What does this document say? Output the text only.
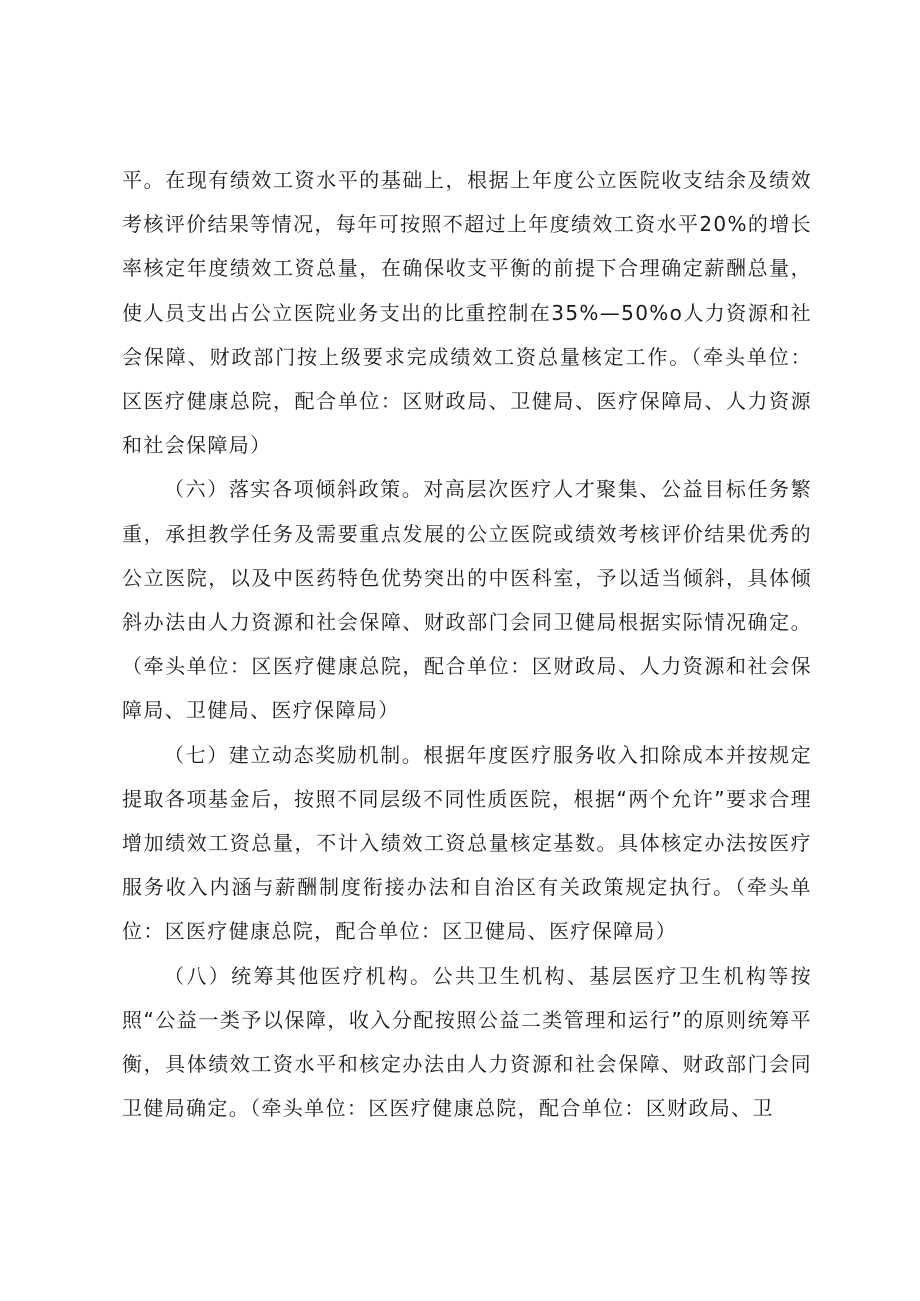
平。在现有绩效工资水平的基础上，根据上年度公立医院收支结余及绩效考核评价结果等情况，每年可按照不超过上年度绩效工资水平20%的增长率核定年度绩效工资总量，在确保收支平衡的前提下合理确定薪酬总量，使人员支出占公立医院业务支出的比重控制在35%—50%o人力资源和社会保障、财政部门按上级要求完成绩效工资总量核定工作。（牵头单位：区医疗健康总院，配合单位：区财政局、卫健局、医疗保障局、人力资源和社会保障局）

（六）落实各项倾斜政策。对高层次医疗人才聚集、公益目标任务繁重，承担教学任务及需要重点发展的公立医院或绩效考核评价结果优秀的公立医院，以及中医药特色优势突出的中医科室，予以适当倾斜，具体倾斜办法由人力资源和社会保障、财政部门会同卫健局根据实际情况确定。（牵头单位：区医疗健康总院，配合单位：区财政局、人力资源和社会保障局、卫健局、医疗保障局）

（七）建立动态奖励机制。根据年度医疗服务收入扣除成本并按规定提取各项基金后，按照不同层级不同性质医院，根据“两个允许”要求合理增加绩效工资总量，不计入绩效工资总量核定基数。具体核定办法按医疗服务收入内涵与薪酬制度衔接办法和自治区有关政策规定执行。（牵头单位：区医疗健康总院，配合单位：区卫健局、医疗保障局）

（八）统筹其他医疗机构。公共卫生机构、基层医疗卫生机构等按照“公益一类予以保障，收入分配按照公益二类管理和运行”的原则统筹平衡，具体绩效工资水平和核定办法由人力资源和社会保障、财政部门会同卫健局确定。（牵头单位：区医疗健康总院，配合单位：区财政局、卫
